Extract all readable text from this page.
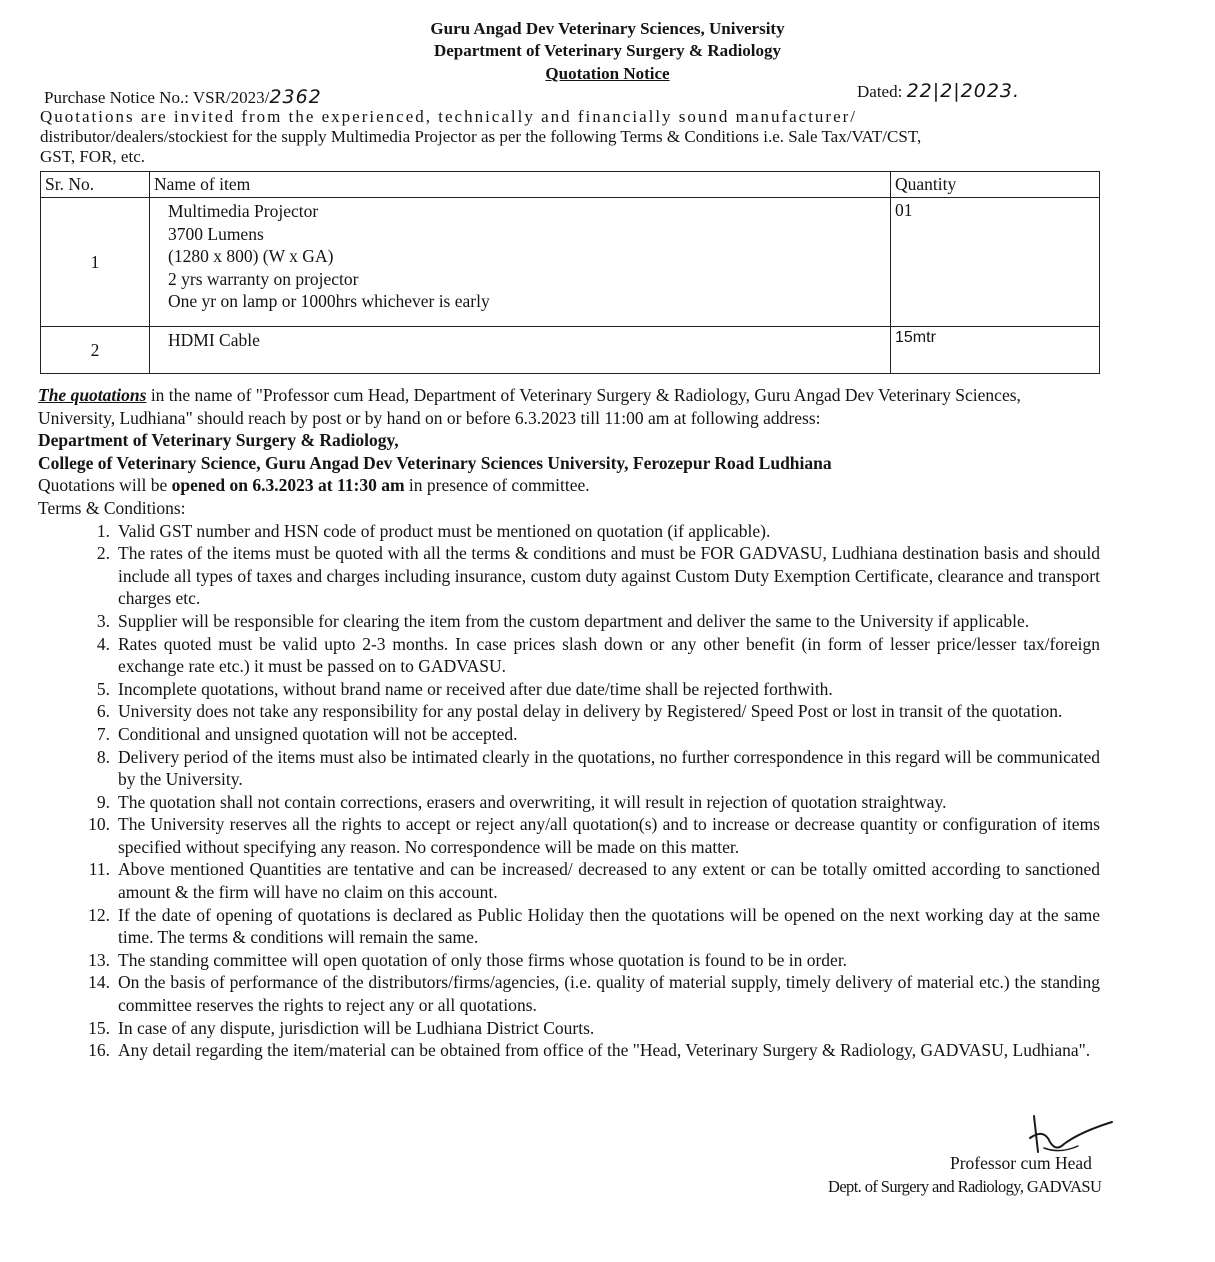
Guru Angad Dev Veterinary Sciences, University
Department of Veterinary Surgery & Radiology
Quotation Notice
Purchase Notice No.: VSR/2023/2362	Dated: 22|2|2023.
Quotations are invited from the experienced, technically and financially sound manufacturer/
distributor/dealers/stockiest for the supply Multimedia Projector as per the following Terms & Conditions i.e. Sale Tax/VAT/CST,
GST, FOR, etc.
Sr. No.	Name of item	Quantity
1	Multimedia Projector
3700 Lumens
(1280 x 800) (W x GA)
2 yrs warranty on projector
One yr on lamp or 1000hrs whichever is early	01
2	HDMI Cable	15mtr

The quotations in the name of "Professor cum Head, Department of Veterinary Surgery & Radiology, Guru Angad Dev Veterinary Sciences, University, Ludhiana" should reach by post or by hand on or before 6.3.2023 till 11:00 am at following address:

Department of Veterinary Surgery & Radiology,

College of Veterinary Science, Guru Angad Dev Veterinary Sciences University, Ferozepur Road Ludhiana

Quotations will be opened on 6.3.2023 at 11:30 am in presence of committee.

Terms & Conditions:

1. Valid GST number and HSN code of product must be mentioned on quotation (if applicable).
2. The rates of the items must be quoted with all the terms & conditions and must be FOR GADVASU, Ludhiana destination basis and should include all types of taxes and charges including insurance, custom duty against Custom Duty Exemption Certificate, clearance and transport charges etc.
3. Supplier will be responsible for clearing the item from the custom department and deliver the same to the University if applicable.
4. Rates quoted must be valid upto 2-3 months. In case prices slash down or any other benefit (in form of lesser price/lesser tax/foreign exchange rate etc.) it must be passed on to GADVASU.
5. Incomplete quotations, without brand name or received after due date/time shall be rejected forthwith.
6. University does not take any responsibility for any postal delay in delivery by Registered/ Speed Post or lost in transit of the quotation.
7. Conditional and unsigned quotation will not be accepted.
8. Delivery period of the items must also be intimated clearly in the quotations, no further correspondence in this regard will be communicated by the University.
9. The quotation shall not contain corrections, erasers and overwriting, it will result in rejection of quotation straightway.
10. The University reserves all the rights to accept or reject any/all quotation(s) and to increase or decrease quantity or configuration of items specified without specifying any reason. No correspondence will be made on this matter.
11. Above mentioned Quantities are tentative and can be increased/ decreased to any extent or can be totally omitted according to sanctioned amount & the firm will have no claim on this account.
12. If the date of opening of quotations is declared as Public Holiday then the quotations will be opened on the next working day at the same time. The terms & conditions will remain the same.
13. The standing committee will open quotation of only those firms whose quotation is found to be in order.
14. On the basis of performance of the distributors/firms/agencies, (i.e. quality of material supply, timely delivery of material etc.) the standing committee reserves the rights to reject any or all quotations.
15. In case of any dispute, jurisdiction will be Ludhiana District Courts.
16. Any detail regarding the item/material can be obtained from office of the "Head, Veterinary Surgery & Radiology, GADVASU, Ludhiana".
Professor cum Head
Dept. of Surgery and Radiology, GADVASU
